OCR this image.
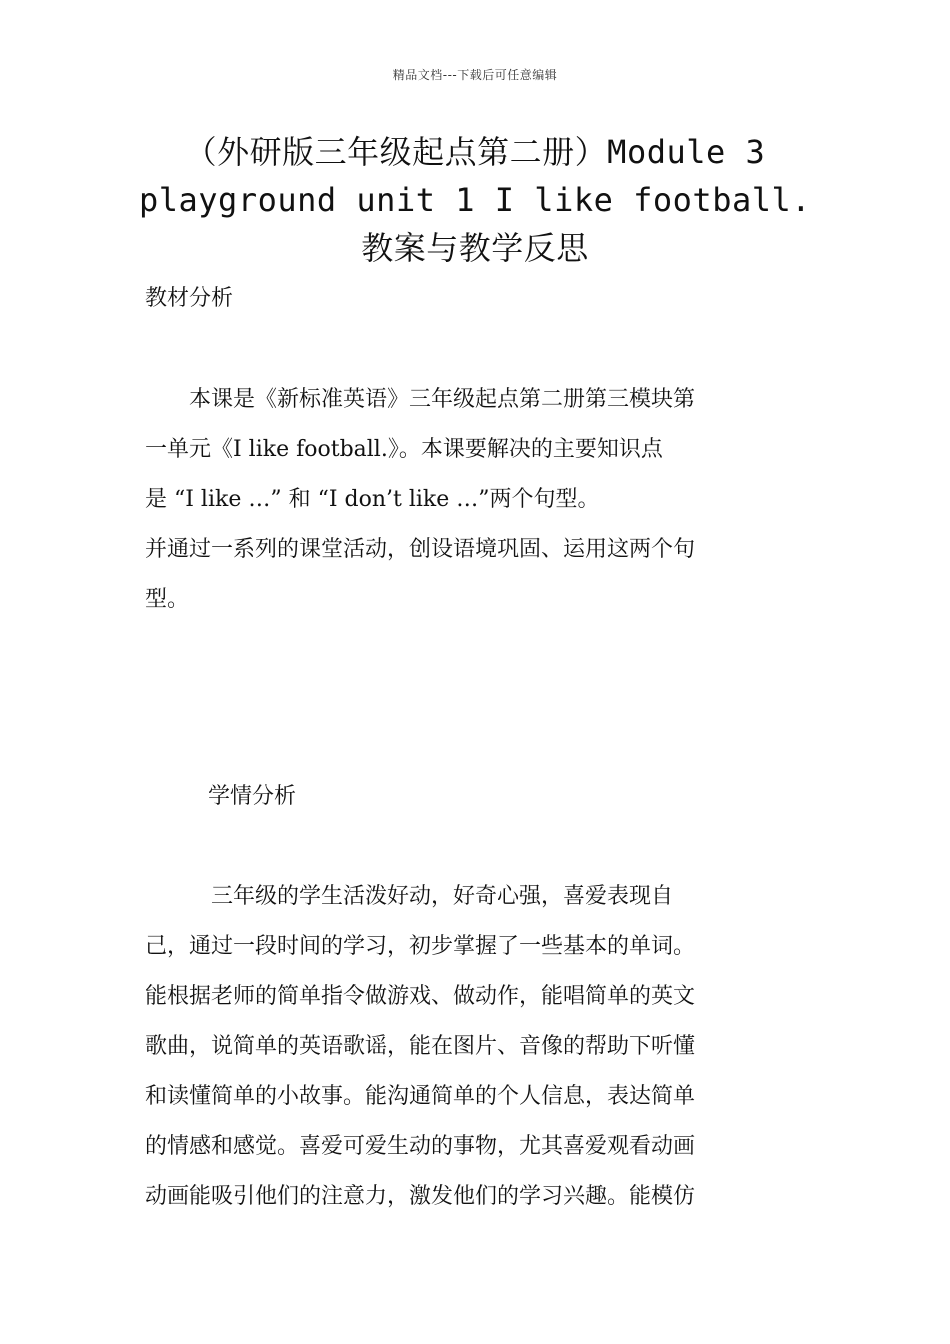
精品文档---下载后可任意编辑
（外研版三年级起点第二册）Module 3
playground unit 1 I like football.
教案与教学反思
教材分析
　　本课是《新标准英语》三年级起点第二册第三模块第
一单元《I like football.》。本课要解决的主要知识点
是 “I like …” 和 “I don’t like …”两个句型。
并通过一系列的课堂活动，创设语境巩固、运用这两个句
型。
学情分析
　　　三年级的学生活泼好动，好奇心强，喜爱表现自
己，通过一段时间的学习，初步掌握了一些基本的单词。
能根据老师的简单指令做游戏、做动作，能唱简单的英文
歌曲，说简单的英语歌谣，能在图片、音像的帮助下听懂
和读懂简单的小故事。能沟通简单的个人信息，表达简单
的情感和感觉。喜爱可爱生动的事物，尤其喜爱观看动画
动画能吸引他们的注意力，激发他们的学习兴趣。能模仿
